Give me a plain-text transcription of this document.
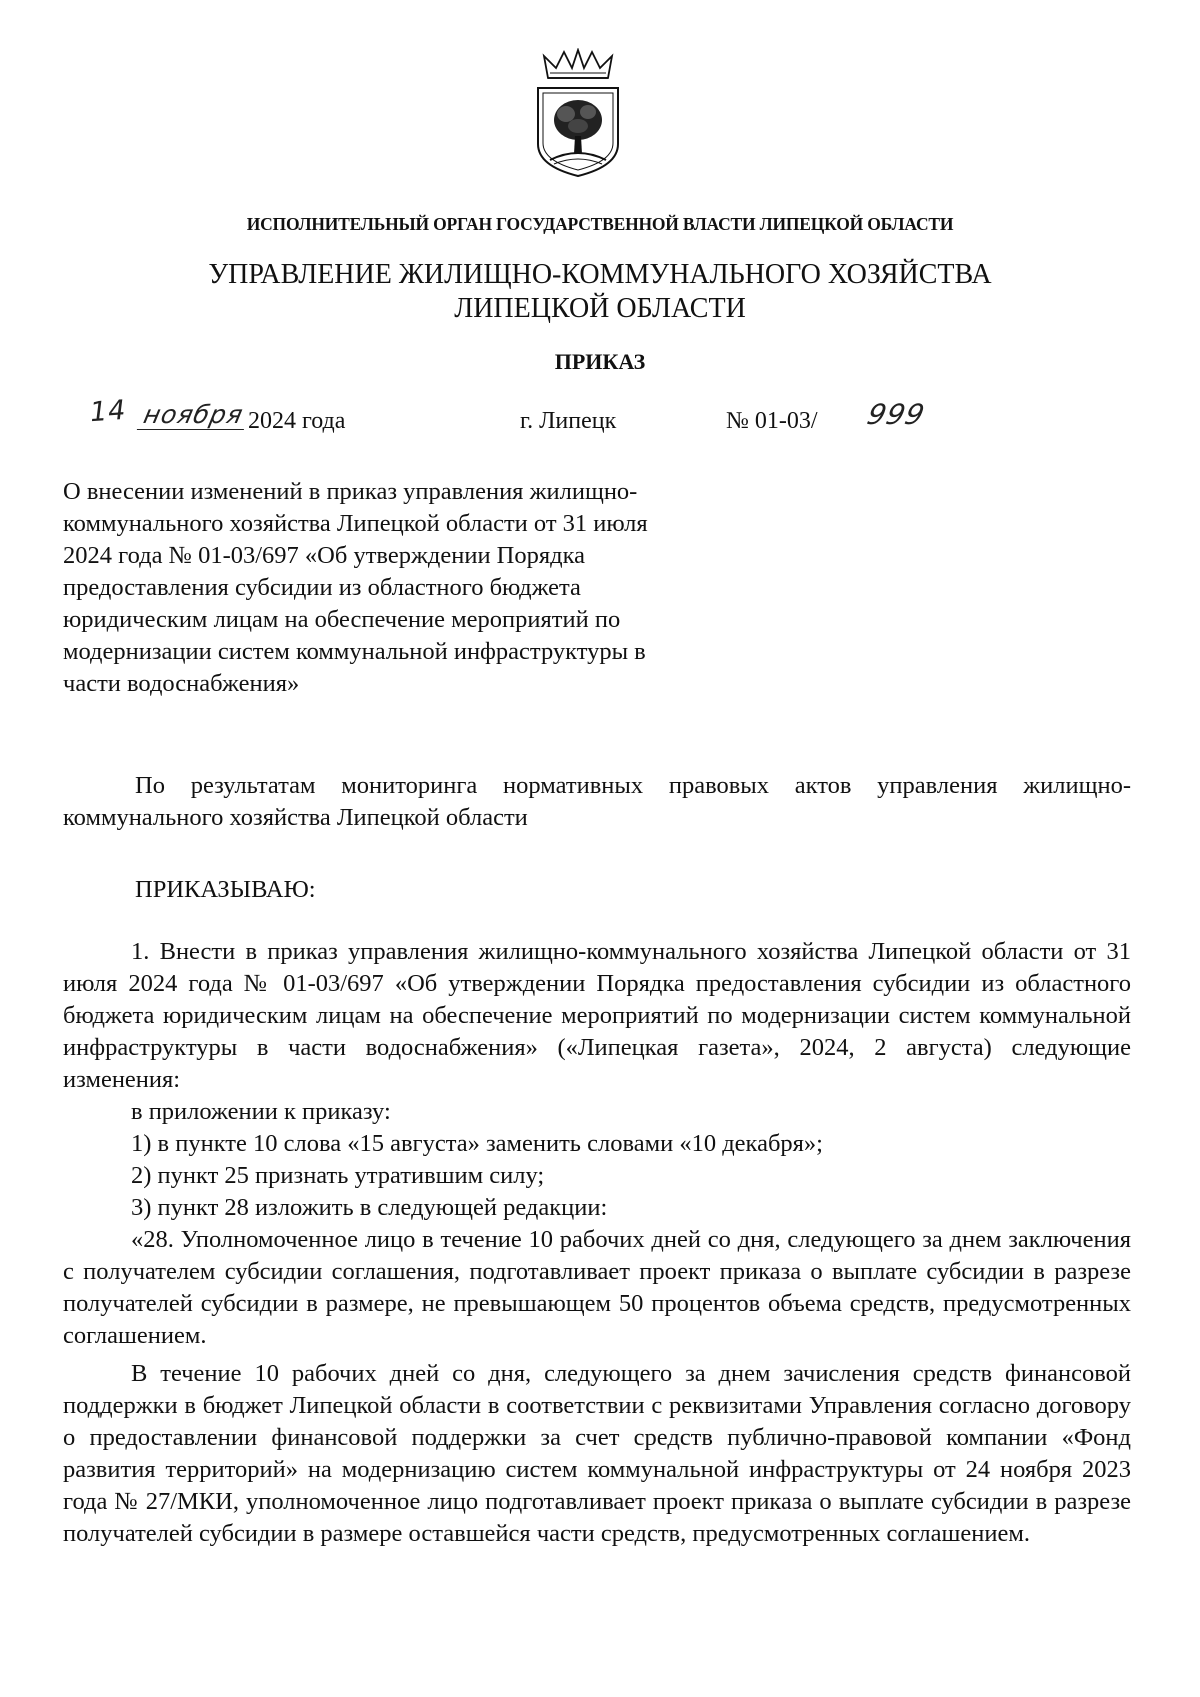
ИСПОЛНИТЕЛЬНЫЙ ОРГАН ГОСУДАРСТВЕННОЙ ВЛАСТИ ЛИПЕЦКОЙ ОБЛАСТИ
УПРАВЛЕНИЕ ЖИЛИЩНО-КОММУНАЛЬНОГО ХОЗЯЙСТВА
ЛИПЕЦКОЙ ОБЛАСТИ
ПРИКАЗ
14 ноября 2024 года	г. Липецк	№ 01-03/ 999
О внесении изменений в приказ управления жилищно-коммунального хозяйства Липецкой области от 31 июля 2024 года № 01-03/697 «Об утверждении Порядка предоставления субсидии из областного бюджета юридическим лицам на обеспечение мероприятий по модернизации систем коммунальной инфраструктуры в части водоснабжения»
По результатам мониторинга нормативных правовых актов управления жилищно-коммунального хозяйства Липецкой области
ПРИКАЗЫВАЮ:

1. Внести в приказ управления жилищно-коммунального хозяйства Липецкой области от 31 июля 2024 года № 01-03/697 «Об утверждении Порядка предоставления субсидии из областного бюджета юридическим лицам на обеспечение мероприятий по модернизации систем коммунальной инфраструктуры в части водоснабжения» («Липецкая газета», 2024, 2 августа) следующие изменения:

в приложении к приказу:

1) в пункте 10 слова «15 августа» заменить словами «10 декабря»;

2) пункт 25 признать утратившим силу;

3) пункт 28 изложить в следующей редакции:

«28. Уполномоченное лицо в течение 10 рабочих дней со дня, следующего за днем заключения с получателем субсидии соглашения, подготавливает проект приказа о выплате субсидии в разрезе получателей субсидии в размере, не превышающем 50 процентов объема средств, предусмотренных соглашением.

В течение 10 рабочих дней со дня, следующего за днем зачисления средств финансовой поддержки в бюджет Липецкой области в соответствии с реквизитами Управления согласно договору о предоставлении финансовой поддержки за счет средств публично-правовой компании «Фонд развития территорий» на модернизацию систем коммунальной инфраструктуры от 24 ноября 2023 года № 27/МКИ, уполномоченное лицо подготавливает проект приказа о выплате субсидии в разрезе получателей субсидии в размере оставшейся части средств, предусмотренных соглашением.
